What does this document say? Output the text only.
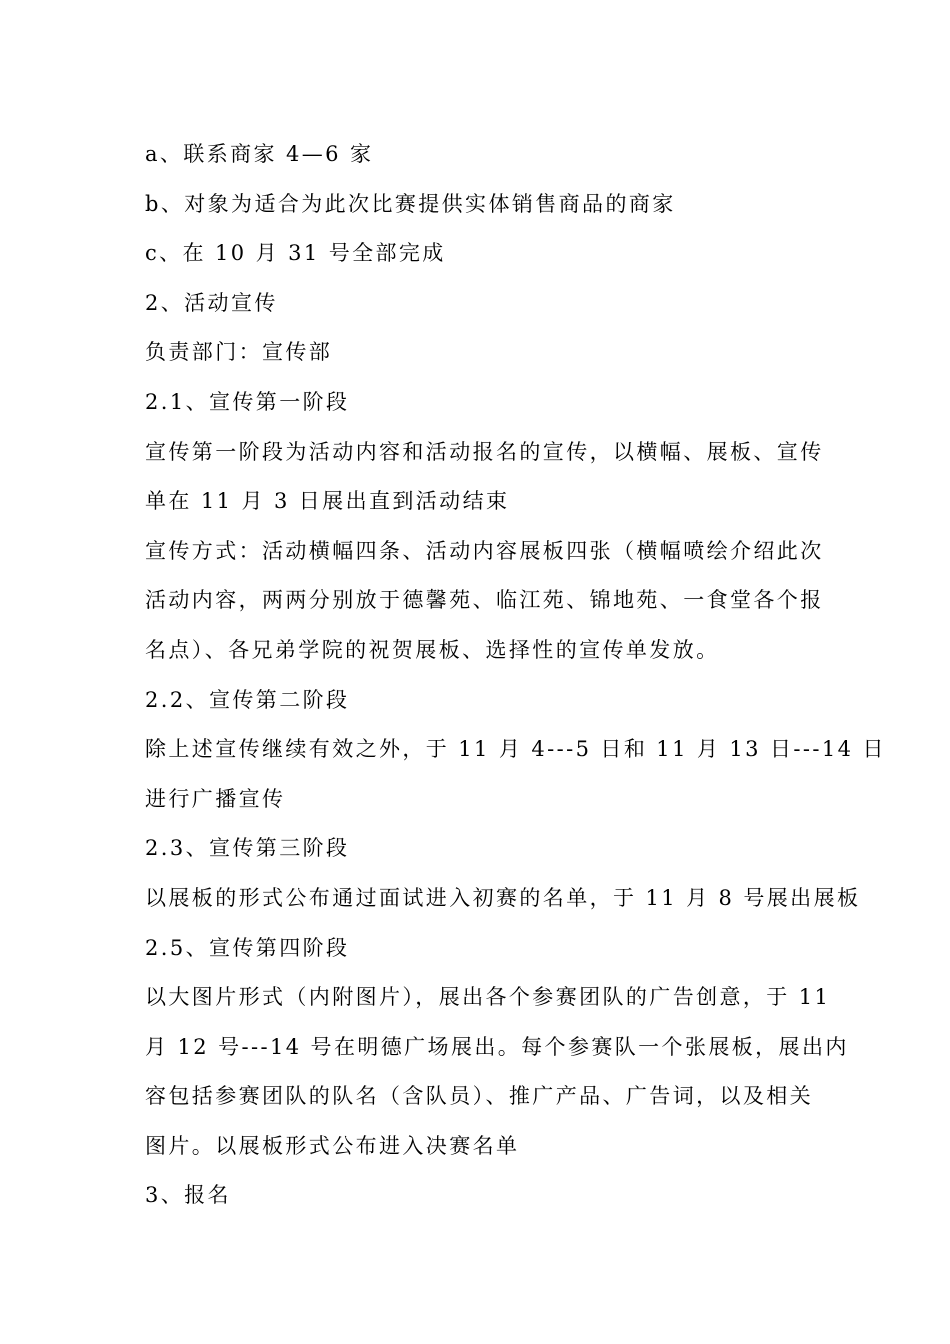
a、联系商家 4—6 家
b、对象为适合为此次比赛提供实体销售商品的商家
c、在 10 月 31 号全部完成
2、活动宣传
负责部门：宣传部
2.1、宣传第一阶段
宣传第一阶段为活动内容和活动报名的宣传，以横幅、展板、宣传
单在 11 月 3 日展出直到活动结束
宣传方式：活动横幅四条、活动内容展板四张（横幅喷绘介绍此次
活动内容，两两分别放于德馨苑、临江苑、锦地苑、一食堂各个报
名点）、各兄弟学院的祝贺展板、选择性的宣传单发放。
2.2、宣传第二阶段
除上述宣传继续有效之外，于 11 月 4---5 日和 11 月 13 日---14 日
进行广播宣传
2.3、宣传第三阶段
以展板的形式公布通过面试进入初赛的名单，于 11 月 8 号展出展板
2.5、宣传第四阶段
以大图片形式（内附图片），展出各个参赛团队的广告创意，于 11
月 12 号---14 号在明德广场展出。每个参赛队一个张展板，展出内
容包括参赛团队的队名（含队员）、推广产品、广告词，以及相关
图片。以展板形式公布进入决赛名单
3、报名
